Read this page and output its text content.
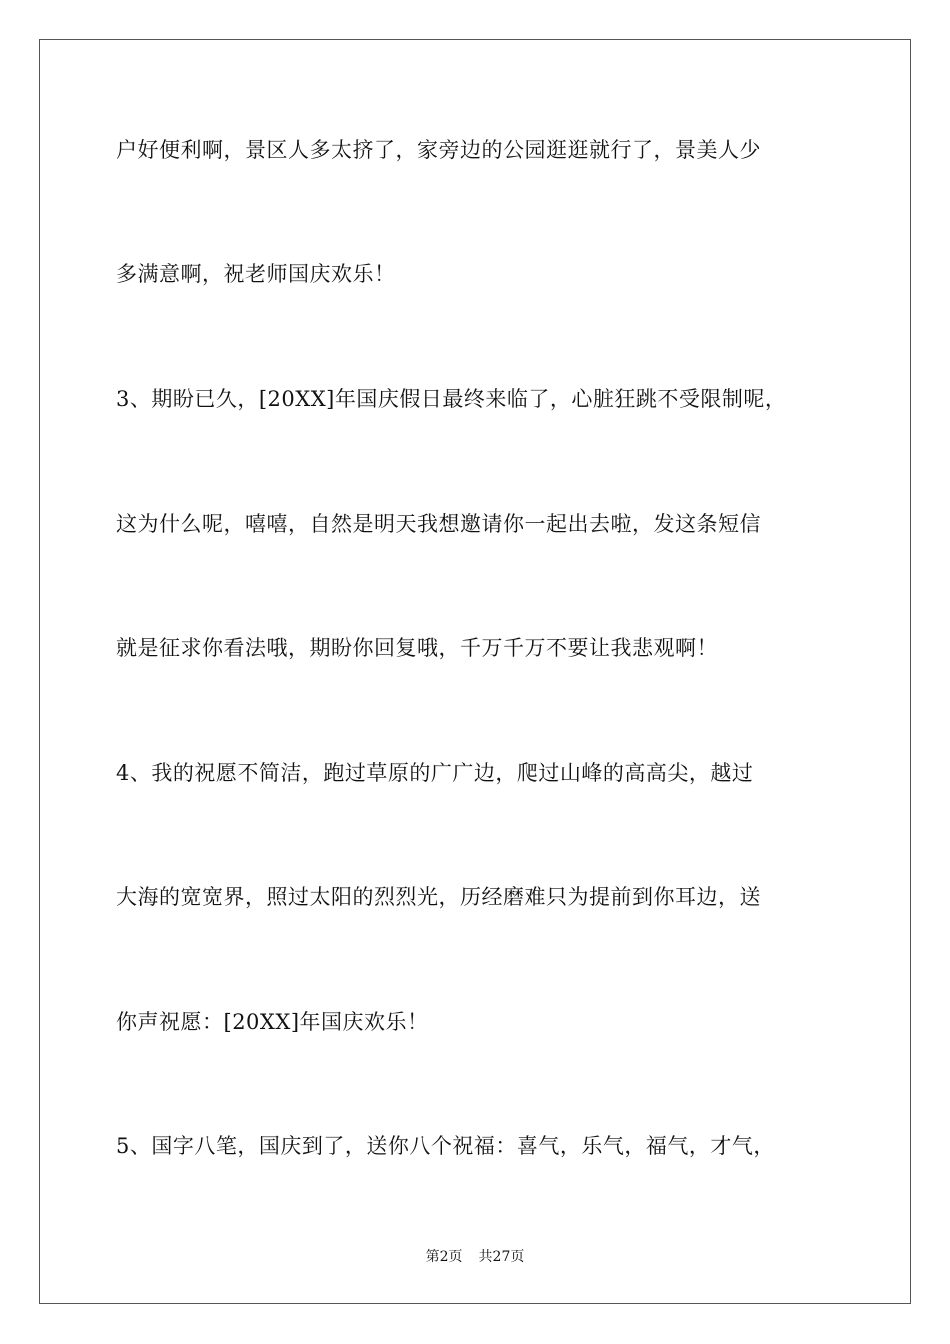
户好便利啊，景区人多太挤了，家旁边的公园逛逛就行了，景美人少
多满意啊，祝老师国庆欢乐！
3、期盼已久，[20XX]年国庆假日最终来临了，心脏狂跳不受限制呢，
这为什么呢，嘻嘻，自然是明天我想邀请你一起出去啦，发这条短信
就是征求你看法哦，期盼你回复哦，千万千万不要让我悲观啊！
4、我的祝愿不简洁，跑过草原的广广边，爬过山峰的高高尖，越过
大海的宽宽界，照过太阳的烈烈光，历经磨难只为提前到你耳边，送
你声祝愿：[20XX]年国庆欢乐！
5、国字八笔，国庆到了，送你八个祝福：喜气，乐气，福气，才气，
第2页 共27页
